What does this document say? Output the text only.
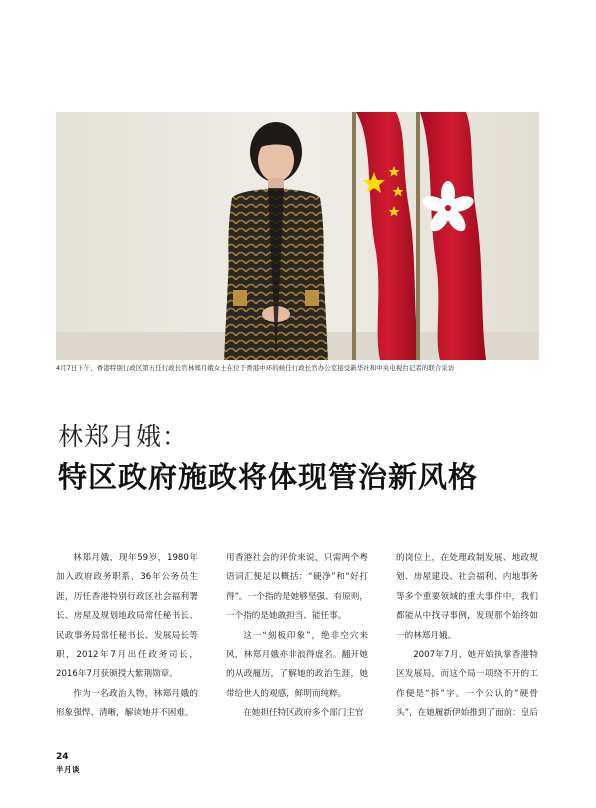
4月7日下午，香港特别行政区第五任行政长官林郑月娥女士在位于香港中环的候任行政长官办公室接受新华社和中央电视台记者的联合采访
林郑月娥：
特区政府施政将体现管治新风格

林郑月娥，现年59岁，1980年加入政府政务职系，36年公务员生涯，历任香港特别行政区社会福利署长、房屋及规划地政局常任秘书长、民政事务局常任秘书长、发展局长等职，2012年7月出任政务司长，2016年7月获颁授大紫荆勋章。

作为一名政治人物，林郑月娥的形象强悍、清晰，解读她并不困难。

用香港社会的评价来说，只需两个粤语词汇便足以概括：“硬净”和“好打得”。一个指的是她够坚强、有原则，一个指的是她敢担当、能任事。

这一“刻板印象”，绝非空穴来风，林郑月娥亦非浪得虚名。翻开她的从政履历，了解她的政治生涯，她带给世人的观感，鲜明而纯粹。

在她担任特区政府多个部门主官

的岗位上，在处理政制发展、地政规划、房屋建设、社会福利、内地事务等多个重要领域的重大事件中，我们都能从中找寻事例，发现那个始终如一的林郑月娥。

2007年7月，她开始执掌香港特区发展局，而这个局一项绕不开的工作便是“拆”字。一个公认的“硬骨头”，在她履新伊始推到了面前：皇后

24
半月谈
